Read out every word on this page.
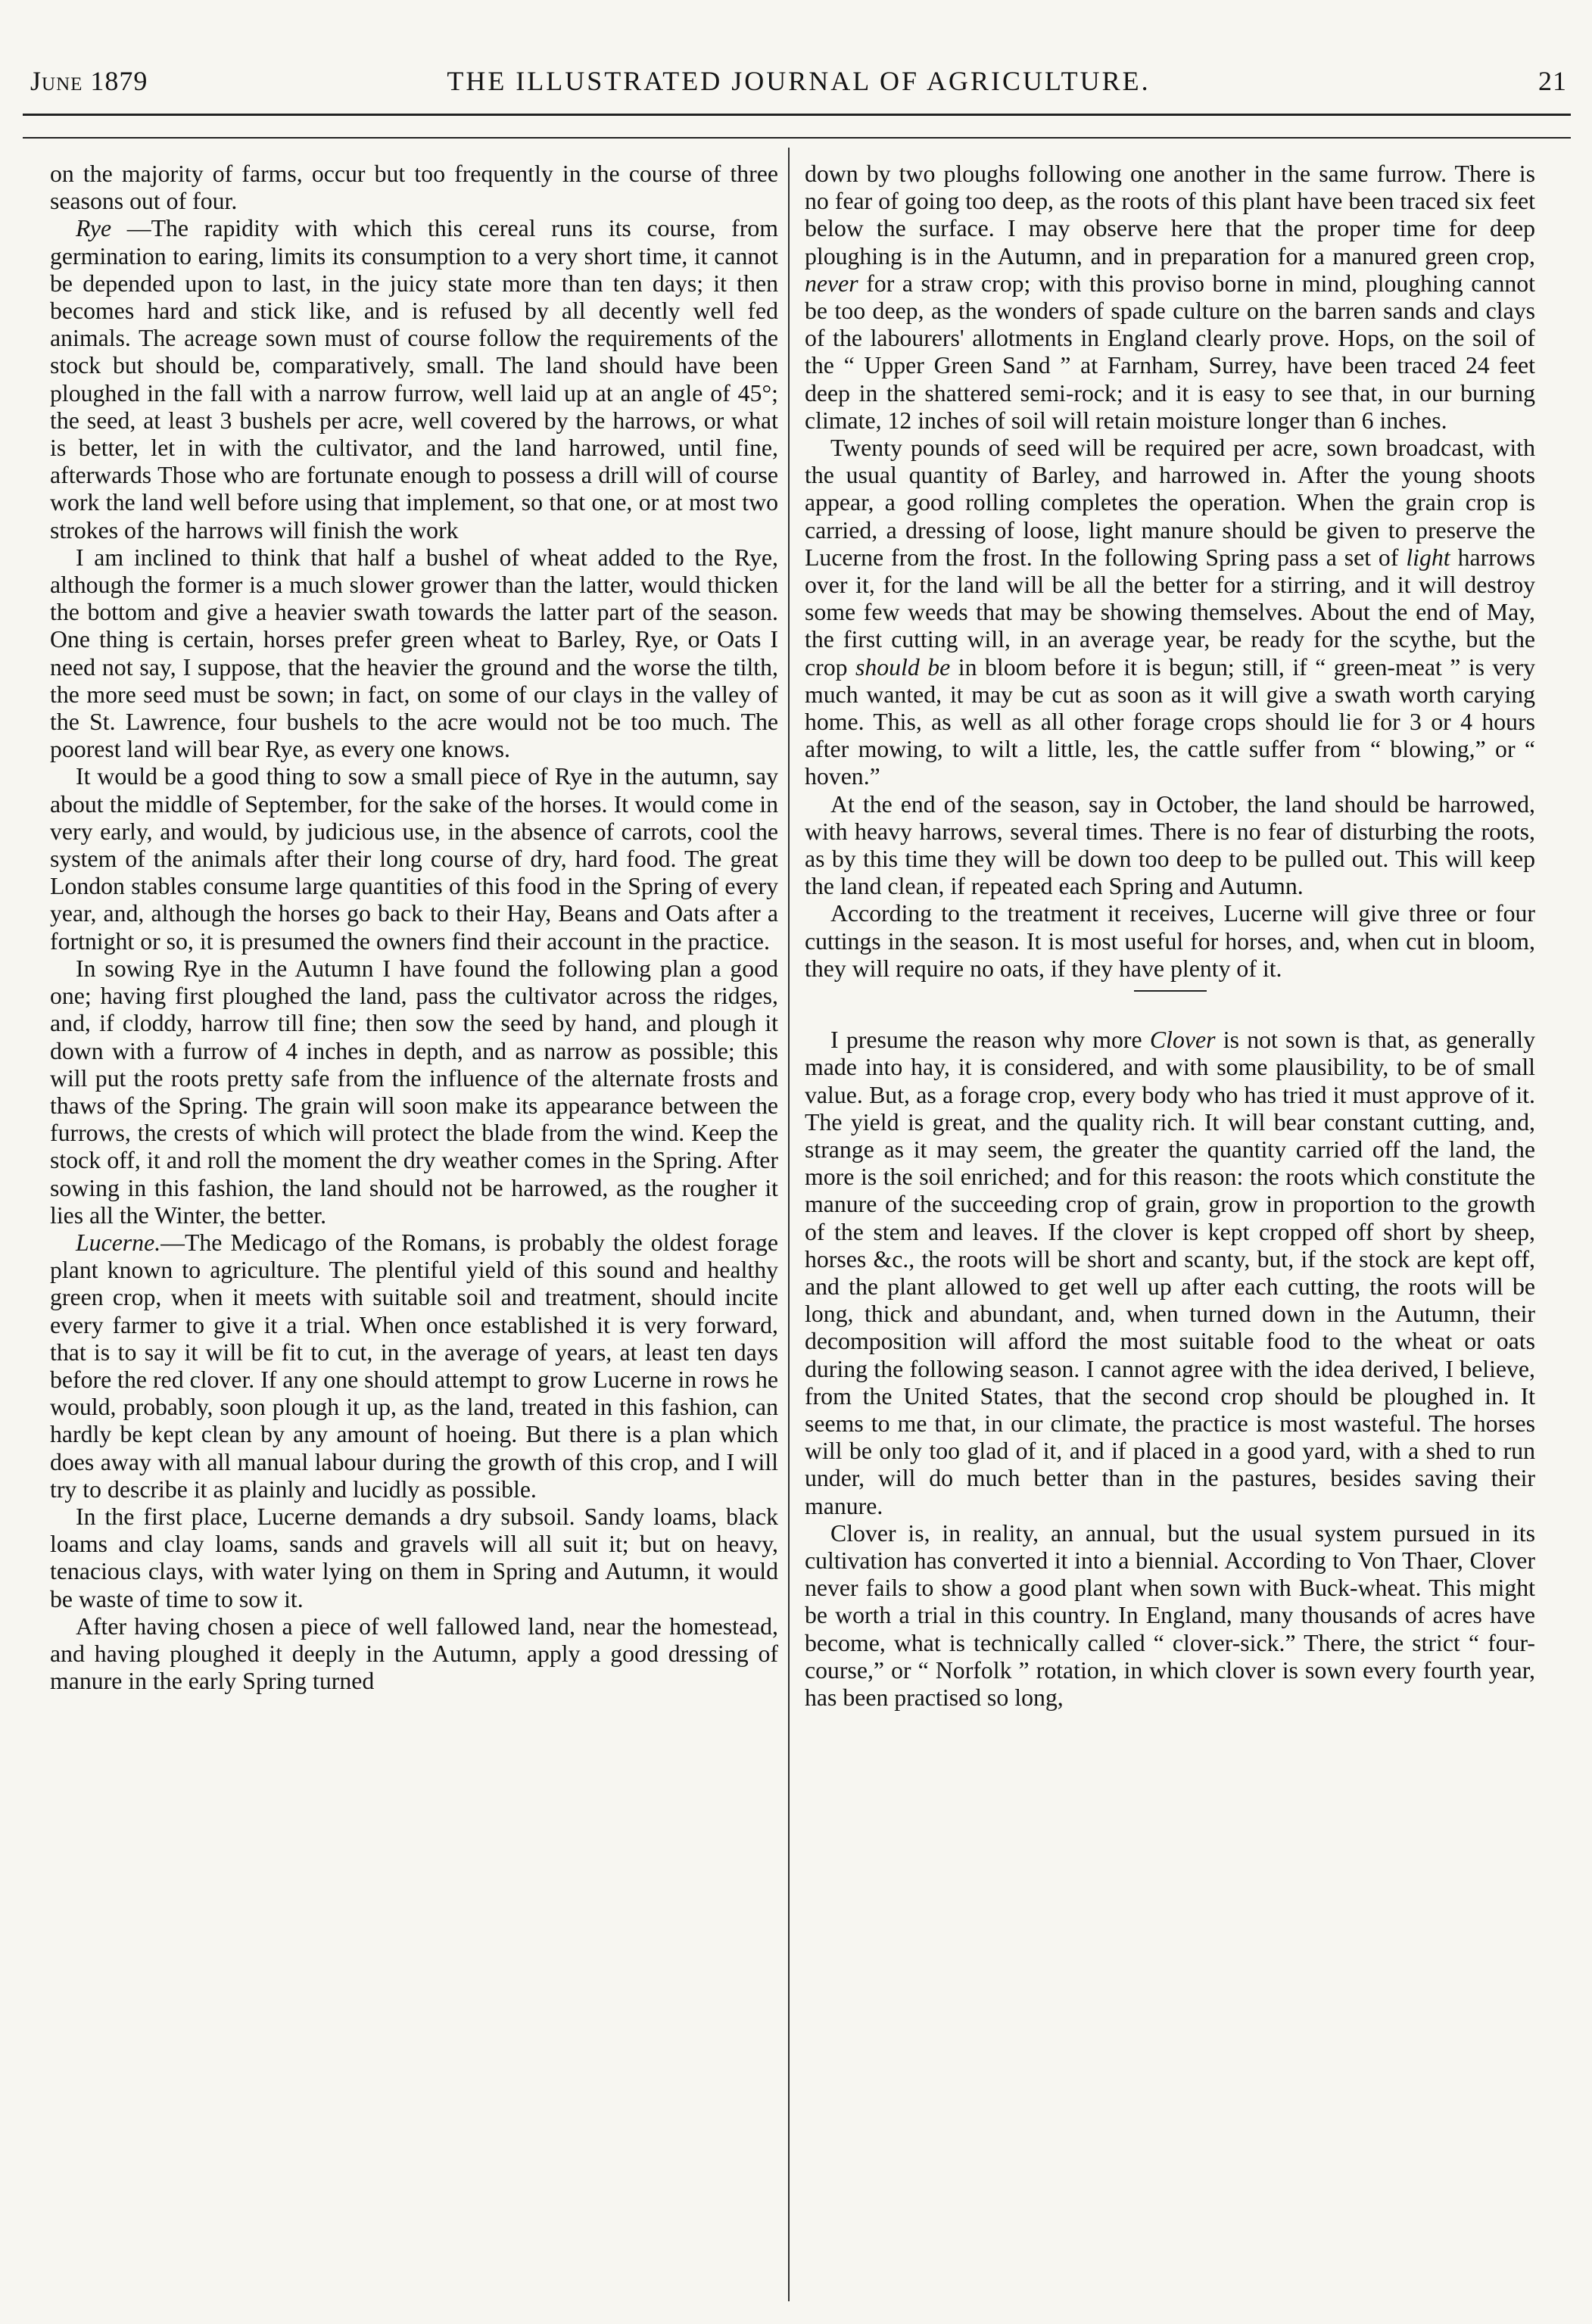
June 1879	THE ILLUSTRATED JOURNAL OF AGRICULTURE.	21

on the majority of farms, occur but too frequently in the course of three seasons out of four.

Rye —The rapidity with which this cereal runs its course, from germination to earing, limits its consumption to a very short time, it cannot be depended upon to last, in the juicy state more than ten days; it then becomes hard and stick like, and is refused by all decently well fed animals. The acreage sown must of course follow the requirements of the stock but should be, comparatively, small. The land should have been ploughed in the fall with a narrow furrow, well laid up at an angle of 45°; the seed, at least 3 bushels per acre, well covered by the harrows, or what is better, let in with the cultivator, and the land harrowed, until fine, afterwards Those who are fortunate enough to possess a drill will of course work the land well before using that implement, so that one, or at most two strokes of the harrows will finish the work

I am inclined to think that half a bushel of wheat added to the Rye, although the former is a much slower grower than the latter, would thicken the bottom and give a heavier swath towards the latter part of the season. One thing is certain, horses prefer green wheat to Barley, Rye, or Oats I need not say, I suppose, that the heavier the ground and the worse the tilth, the more seed must be sown; in fact, on some of our clays in the valley of the St. Lawrence, four bushels to the acre would not be too much. The poorest land will bear Rye, as every one knows.

It would be a good thing to sow a small piece of Rye in the autumn, say about the middle of September, for the sake of the horses. It would come in very early, and would, by judicious use, in the absence of carrots, cool the system of the animals after their long course of dry, hard food. The great London stables consume large quantities of this food in the Spring of every year, and, although the horses go back to their Hay, Beans and Oats after a fortnight or so, it is presumed the owners find their account in the practice.

In sowing Rye in the Autumn I have found the following plan a good one; having first ploughed the land, pass the cultivator across the ridges, and, if cloddy, harrow till fine; then sow the seed by hand, and plough it down with a furrow of 4 inches in depth, and as narrow as possible; this will put the roots pretty safe from the influence of the alternate frosts and thaws of the Spring. The grain will soon make its appearance between the furrows, the crests of which will protect the blade from the wind. Keep the stock off, it and roll the moment the dry weather comes in the Spring. After sowing in this fashion, the land should not be harrowed, as the rougher it lies all the Winter, the better.

Lucerne.—The Medicago of the Romans, is probably the oldest forage plant known to agriculture. The plentiful yield of this sound and healthy green crop, when it meets with suitable soil and treatment, should incite every farmer to give it a trial. When once established it is very forward, that is to say it will be fit to cut, in the average of years, at least ten days before the red clover. If any one should attempt to grow Lucerne in rows he would, probably, soon plough it up, as the land, treated in this fashion, can hardly be kept clean by any amount of hoeing. But there is a plan which does away with all manual labour during the growth of this crop, and I will try to describe it as plainly and lucidly as possible.

In the first place, Lucerne demands a dry subsoil. Sandy loams, black loams and clay loams, sands and gravels will all suit it; but on heavy, tenacious clays, with water lying on them in Spring and Autumn, it would be waste of time to sow it.

After having chosen a piece of well fallowed land, near the homestead, and having ploughed it deeply in the Autumn, apply a good dressing of manure in the early Spring turned

down by two ploughs following one another in the same furrow. There is no fear of going too deep, as the roots of this plant have been traced six feet below the surface. I may observe here that the proper time for deep ploughing is in the Autumn, and in preparation for a manured green crop, never for a straw crop; with this proviso borne in mind, ploughing cannot be too deep, as the wonders of spade culture on the barren sands and clays of the labourers' allotments in England clearly prove. Hops, on the soil of the “ Upper Green Sand ” at Farnham, Surrey, have been traced 24 feet deep in the shattered semi-rock; and it is easy to see that, in our burning climate, 12 inches of soil will retain moisture longer than 6 inches.

Twenty pounds of seed will be required per acre, sown broadcast, with the usual quantity of Barley, and harrowed in. After the young shoots appear, a good rolling completes the operation. When the grain crop is carried, a dressing of loose, light manure should be given to preserve the Lucerne from the frost. In the following Spring pass a set of light harrows over it, for the land will be all the better for a stirring, and it will destroy some few weeds that may be showing themselves. About the end of May, the first cutting will, in an average year, be ready for the scythe, but the crop should be in bloom before it is begun; still, if “ green-meat ” is very much wanted, it may be cut as soon as it will give a swath worth carying home. This, as well as all other forage crops should lie for 3 or 4 hours after mowing, to wilt a little, les, the cattle suffer from “ blowing,” or “ hoven.”

At the end of the season, say in October, the land should be harrowed, with heavy harrows, several times. There is no fear of disturbing the roots, as by this time they will be down too deep to be pulled out. This will keep the land clean, if repeated each Spring and Autumn.

According to the treatment it receives, Lucerne will give three or four cuttings in the season. It is most useful for horses, and, when cut in bloom, they will require no oats, if they have plenty of it.

I presume the reason why more Clover is not sown is that, as generally made into hay, it is considered, and with some plausibility, to be of small value. But, as a forage crop, every body who has tried it must approve of it. The yield is great, and the quality rich. It will bear constant cutting, and, strange as it may seem, the greater the quantity carried off the land, the more is the soil enriched; and for this reason: the roots which constitute the manure of the succeeding crop of grain, grow in proportion to the growth of the stem and leaves. If the clover is kept cropped off short by sheep, horses &c., the roots will be short and scanty, but, if the stock are kept off, and the plant allowed to get well up after each cutting, the roots will be long, thick and abundant, and, when turned down in the Autumn, their decomposition will afford the most suitable food to the wheat or oats during the following season. I cannot agree with the idea derived, I believe, from the United States, that the second crop should be ploughed in. It seems to me that, in our climate, the practice is most wasteful. The horses will be only too glad of it, and if placed in a good yard, with a shed to run under, will do much better than in the pastures, besides saving their manure.

Clover is, in reality, an annual, but the usual system pursued in its cultivation has converted it into a biennial. According to Von Thaer, Clover never fails to show a good plant when sown with Buck-wheat. This might be worth a trial in this country. In England, many thousands of acres have become, what is technically called “ clover-sick.” There, the strict “ four-course,” or “ Norfolk ” rotation, in which clover is sown every fourth year, has been practised so long,
